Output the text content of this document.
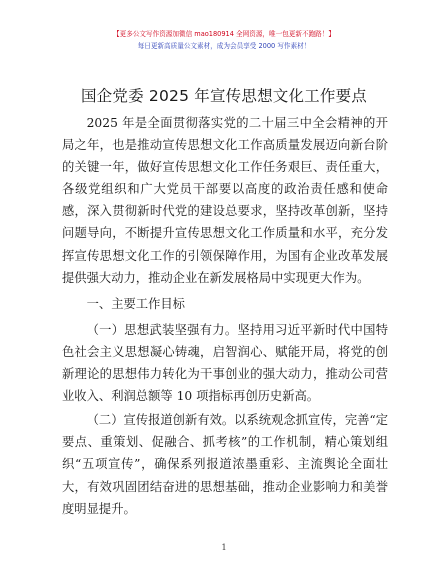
【更多公文写作资源加微信 mao180914 全网资源，唯一包更新不跑路！】
每日更新高质量公文素材，成为会员享受 2000 写作素材！
国企党委 2025 年宣传思想文化工作要点

2025 年是全面贯彻落实党的二十届三中全会精神的开局之年，也是推动宣传思想文化工作高质量发展迈向新台阶的关键一年，做好宣传思想文化工作任务艰巨、责任重大，各级党组织和广大党员干部要以高度的政治责任感和使命感，深入贯彻新时代党的建设总要求，坚持改革创新，坚持问题导向，不断提升宣传思想文化工作质量和水平，充分发挥宣传思想文化工作的引领保障作用，为国有企业改革发展提供强大动力，推动企业在新发展格局中实现更大作为。

一、主要工作目标

（一）思想武装坚强有力。坚持用习近平新时代中国特色社会主义思想凝心铸魂，启智润心、赋能开局，将党的创新理论的思想伟力转化为干事创业的强大动力，推动公司营业收入、利润总额等 10 项指标再创历史新高。

（二）宣传报道创新有效。以系统观念抓宣传，完善“定要点、重策划、促融合、抓考核”的工作机制，精心策划组织“五项宣传”，确保系列报道浓墨重彩、主流舆论全面壮大，有效巩固团结奋进的思想基础，推动企业影响力和美誉度明显提升。

1
